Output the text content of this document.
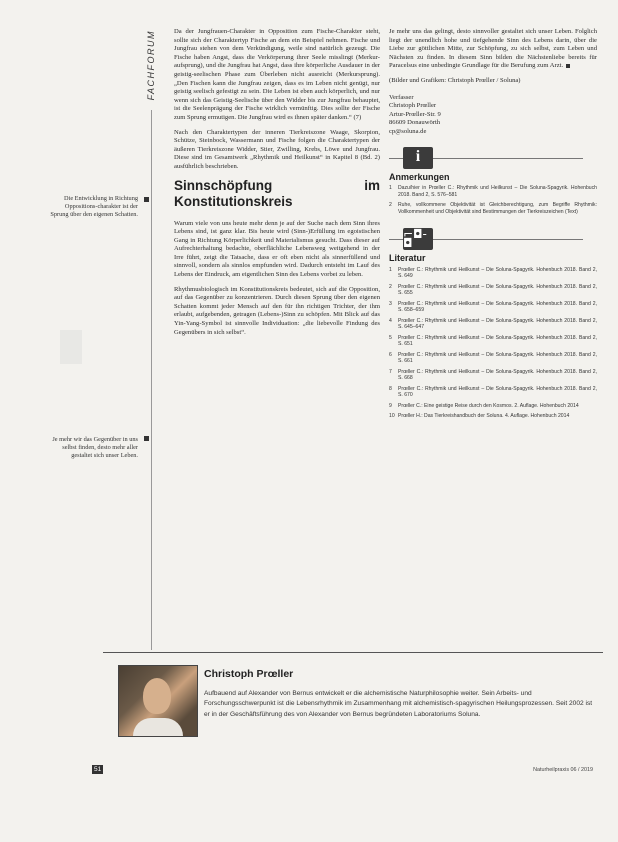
FACHFORUM
Die Entwicklung in Richtung Oppositions-charakter ist der Sprung über den eigenen Schatten.
Je mehr wir das Gegenüber in uns selbst finden, desto mehr aller gestaltet sich unser Leben.

Da der Jungfrauen-Charakter in Opposition zum Fische-Charakter steht, sollte sich der Charaktertyp Fische an dem ein Beispiel nehmen. Fische und Jungfrau stehen von dem Verkündigung, weile sind natürlich gezeugt. Die Fische haben Angst, dass die Verkörperung ihrer Seele misslingt (Merkur-aufsprung), und die Jungfrau hat Angst, dass ihre körperliche Ausdauer in der geistig-seelischen Phase zum Überleben nicht ausreicht (Merkursprung). „Den Fischen kann die Jungfrau zeigen, dass es im Leben nicht genügt, nur geistig seelisch gefestigt zu sein. Die Leben ist eben auch körperlich, und nur wenn sich das Geistig-Seelische über den Widder bis zur Jungfrau behauptet, ist die Seelenprägung der Fische wirklich vernünftig. Dies sollte der Fische zum Sprung ermutigen. Die Jungfrau wird es ihnen später danken.“ (7)

Nach den Charaktertypen der inneren Tierkreiszone Waage, Skorpion, Schütze, Steinbock, Wassermann und Fische folgen die Charaktertypen der äußeren Tierkreiszone Widder, Stier, Zwilling, Krebs, Löwe und Jungfrau. Diese sind im Gesamtwerk „Rhythmik und Heilkunst“ in Kapitel 8 (Bd. 2) ausführlich beschrieben.

Sinnschöpfung im Konstitutionskreis

Warum viele von uns heute mehr denn je auf der Suche nach dem Sinn ihres Lebens sind, ist ganz klar. Bis heute wird (Sinn-)Erfüllung im egoistischen Gang in Richtung Körperlichkeit und Materialismus gesucht. Dass dieser auf Aufrechterhaltung bedachte, oberflächliche Lebensweg weitgehend in der Irre führt, zeigt die Tatsache, dass er oft eben nicht als sinnerfüllend und sinnvoll, sondern als sinnlos empfunden wird. Dadurch entsteht im Lauf des Lebens der Eindruck, am eigentlichen Sinn des Lebens vorbei zu leben.

Rhythmusbiologisch im Konstitutionskreis bedeutet, sich auf die Opposition, auf das Gegenüber zu konzentrieren. Durch diesen Sprung über den eigenen Schatten kommt jeder Mensch auf den für ihn richtigen Trichter, der ihm erlaubt, aufgebenden, getragen (Lebens-)Sinn zu schöpfen. Mit Blick auf das Yin-Yang-Symbol ist sinnvolle Individuation: „die liebevolle Findung des Gegenübers in sich selbst“.

Je mehr uns das gelingt, desto sinnvoller gestaltet sich unser Leben. Folglich liegt der unendlich hohe und tiefgehende Sinn des Lebens darin, über die Liebe zur göttlichen Mitte, zur Schöpfung, zu sich selbst, zum Leben und Nächsten zu finden. In diesem Sinn bilden die Nächstenliebe bereits für Paracelsus eine unbedingte Grundlage für die Berufung zum Arzt.

(Bilder und Grafiken: Christoph Prœller / Soluna)

Verfasser
Christoph Prœller
Artur-Prœller-Str. 9
86609 Donauwörth
cp@soluna.de
i
Anmerkungen
1	Dazu/hier in Prœller C.: Rhythmik und Heilkunst – Die Soluna-Spagyrik. Hohenbuch 2018. Band 2, S. 576–581
2	Ruhe, vollkommene Objektivität ist Gleichberechtigung, zum Begriffe Rhythmik: Vollkommenheit und Objektivität sind Bestimmungen der Tierkreiszeichen (Text)
⌐◘-◘
Literatur
1	Prœller C.: Rhythmik und Heilkunst – Die Soluna-Spagyrik. Hohenbuch 2018. Band 2, S. 649
2	Prœller C.: Rhythmik und Heilkunst – Die Soluna-Spagyrik. Hohenbuch 2018. Band 2, S. 655
3	Prœller C.: Rhythmik und Heilkunst – Die Soluna-Spagyrik. Hohenbuch 2018. Band 2, S. 658–659
4	Prœller C.: Rhythmik und Heilkunst – Die Soluna-Spagyrik. Hohenbuch 2018. Band 2, S. 645–647
5	Prœller C.: Rhythmik und Heilkunst – Die Soluna-Spagyrik. Hohenbuch 2018. Band 2, S. 651
6	Prœller C.: Rhythmik und Heilkunst – Die Soluna-Spagyrik. Hohenbuch 2018. Band 2, S. 661
7	Prœller C.: Rhythmik und Heilkunst – Die Soluna-Spagyrik. Hohenbuch 2018. Band 2, S. 668
8	Prœller C.: Rhythmik und Heilkunst – Die Soluna-Spagyrik. Hohenbuch 2018. Band 2, S. 670
9	Prœller C.: Eine geistige Reise durch den Kosmos. 2. Auflage. Hohenbuch 2014
10 Prœller H.: Das Tierkreishandbuch der Soluna. 4. Auflage. Hohenbuch 2014
Christoph Prœller
Aufbauend auf Alexander von Bernus entwickelt er die alchemistische Naturphilosophie weiter. Sein Arbeits- und Forschungsschwerpunkt ist die Lebensrhythmik im Zusammenhang mit alchemistisch-spagyrischen Heilungsprozessen. Seit 2002 ist er in der Geschäftsführung des von Alexander von Bernus begründeten Laboratoriums Soluna.
51	Naturheilpraxis 06 / 2019
